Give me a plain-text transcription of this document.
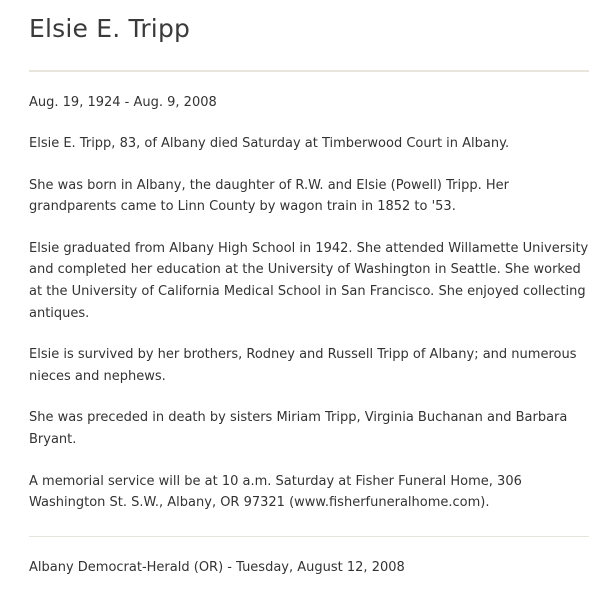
Elsie E. Tripp

Aug. 19, 1924 - Aug. 9, 2008

Elsie E. Tripp, 83, of Albany died Saturday at Timberwood Court in Albany.

She was born in Albany, the daughter of R.W. and Elsie (Powell) Tripp. Her grandparents came to Linn County by wagon train in 1852 to '53.

Elsie graduated from Albany High School in 1942. She attended Willamette University and completed her education at the University of Washington in Seattle. She worked at the University of California Medical School in San Francisco. She enjoyed collecting antiques.

Elsie is survived by her brothers, Rodney and Russell Tripp of Albany; and numerous nieces and nephews.

She was preceded in death by sisters Miriam Tripp, Virginia Buchanan and Barbara Bryant.

A memorial service will be at 10 a.m. Saturday at Fisher Funeral Home, 306 Washington St. S.W., Albany, OR 97321 (www.fisherfuneralhome.com).

Albany Democrat-Herald (OR) - Tuesday, August 12, 2008
